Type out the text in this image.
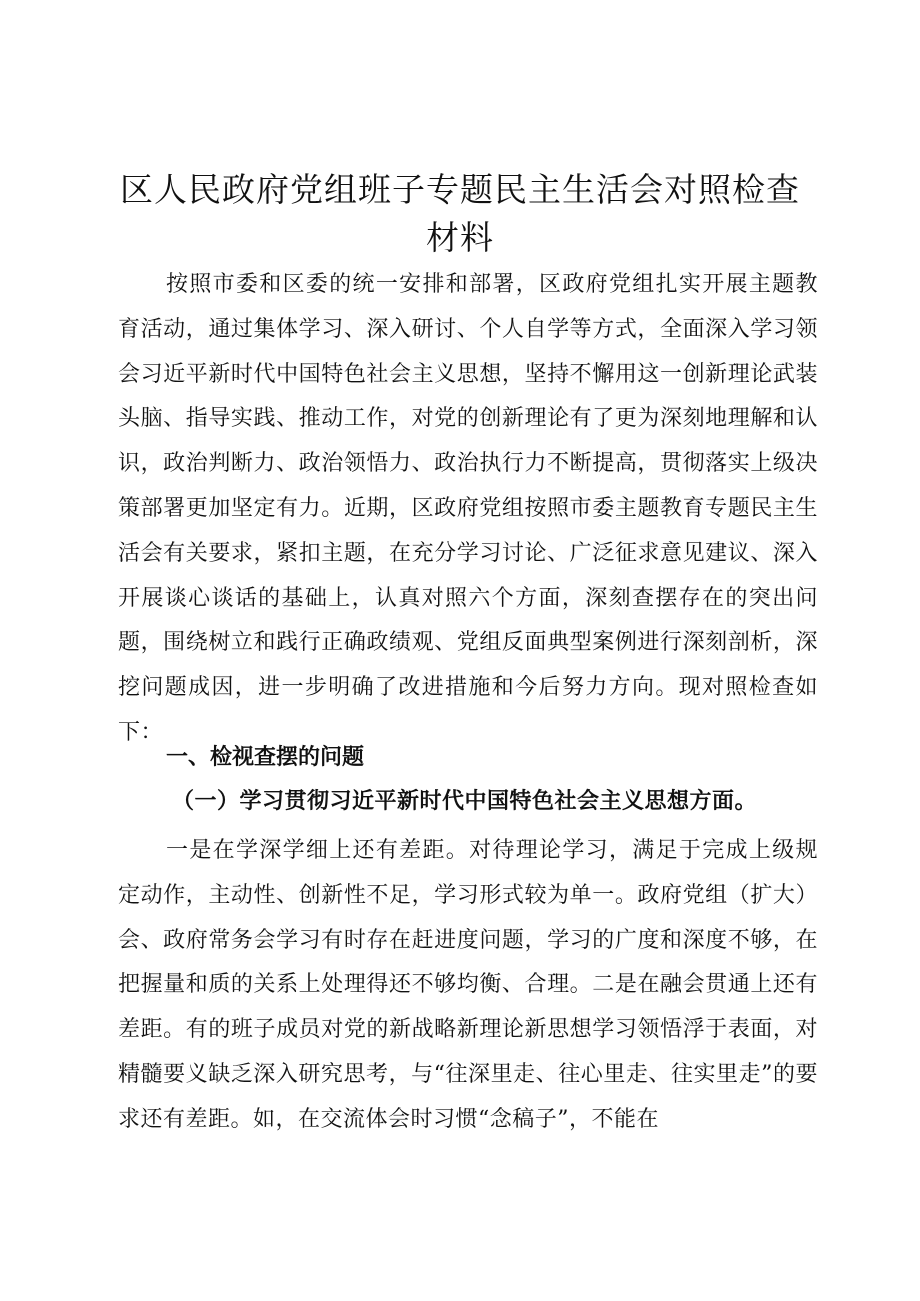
区人民政府党组班子专题民主生活会对照检查
材料

按照市委和区委的统一安排和部署，区政府党组扎实开展主题教育活动，通过集体学习、深入研讨、个人自学等方式，全面深入学习领会习近平新时代中国特色社会主义思想，坚持不懈用这一创新理论武装头脑、指导实践、推动工作，对党的创新理论有了更为深刻地理解和认识，政治判断力、政治领悟力、政治执行力不断提高，贯彻落实上级决策部署更加坚定有力。近期，区政府党组按照市委主题教育专题民主生活会有关要求，紧扣主题，在充分学习讨论、广泛征求意见建议、深入开展谈心谈话的基础上，认真对照六个方面，深刻查摆存在的突出问题，围绕树立和践行正确政绩观、党组反面典型案例进行深刻剖析，深挖问题成因，进一步明确了改进措施和今后努力方向。现对照检查如下：

一、检视查摆的问题
（一）学习贯彻习近平新时代中国特色社会主义思想方面。

一是在学深学细上还有差距。对待理论学习，满足于完成上级规定动作，主动性、创新性不足，学习形式较为单一。政府党组（扩大）会、政府常务会学习有时存在赶进度问题，学习的广度和深度不够，在把握量和质的关系上处理得还不够均衡、合理。二是在融会贯通上还有差距。有的班子成员对党的新战略新理论新思想学习领悟浮于表面，对精髓要义缺乏深入研究思考，与“往深里走、往心里走、往实里走”的要求还有差距。如，在交流体会时习惯“念稿子”，不能在
